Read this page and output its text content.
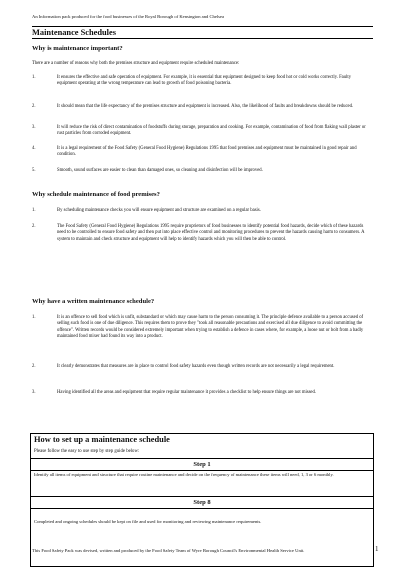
An Information pack produced for the food businesses of the Royal Borough of Kensington and Chelsea
Maintenance Schedules
Why is maintenance important?
There are a number of reasons why both the premises structure and equipment require scheduled maintenance:
1.	It ensures the effective and safe operation of equipment. For example, it is essential that equipment designed to keep food hot or cold works correctly. Faulty equipment operating at the wrong temperature can lead to growth of food poisoning bacteria.
2.	It should mean that the life expectancy of the premises structure and equipment is increased. Also, the likelihood of faults and breakdowns should be reduced.
3.	It will reduce the risk of direct contamination of foodstuffs during storage, preparation and cooking. For example, contamination of food from flaking wall plaster or rust particles from corroded equipment.
4.	It is a legal requirement of the Food Safety (General Food Hygiene) Regulations 1995 that food premises and equipment must be maintained in good repair and condition.
5.	Smooth, sound surfaces are easier to clean than damaged ones, so cleaning and disinfection will be improved.
Why schedule maintenance of food premises?
1.	By scheduling maintenance checks you will ensure equipment and structure are examined on a regular basis.
2.	The Food Safety (General Food Hygiene) Regulations 1995 require proprietors of food businesses to identify potential food hazards, decide which of these hazards need to be controlled to ensure food safety and then put into place effective control and monitoring procedures to prevent the hazards causing harm to consumers. A system to maintain and check structure and equipment will help to identify hazards which you will then be able to control.
Why have a written maintenance schedule?
1.	It is an offence to sell food which is unfit, substandard or which may cause harm to the person consuming it. The principle defence available to a person accused of selling such food is one of due diligence. This requires them to prove they "took all reasonable precautions and exercised all due diligence to avoid committing the offence". Written records would be considered extremely important when trying to establish a defence in cases where, for example, a loose nut or bolt from a badly maintained food mixer had found its way into a product.
2.	It clearly demonstrates that measures are in place to control food safety hazards even though written records are not necessarily a legal requirement.
3.	Having identified all the areas and equipment that require regular maintenance it provides a checklist to help ensure things are not missed.
How to set up a maintenance schedule
Please follow the easy to use step by step guide below:
Step 1
Identify all items of equipment and structure that require routine maintenance and decide on the frequency of maintenance these items will need, 1, 3 or 6 monthly.
Step 8
Completed and ongoing schedules should be kept on file and used for monitoring and reviewing maintenance requirements.
This Food Safety Pack was devised, written and produced by the Food Safety Team of Wyre Borough Council's Environmental Health Service Unit.	1
